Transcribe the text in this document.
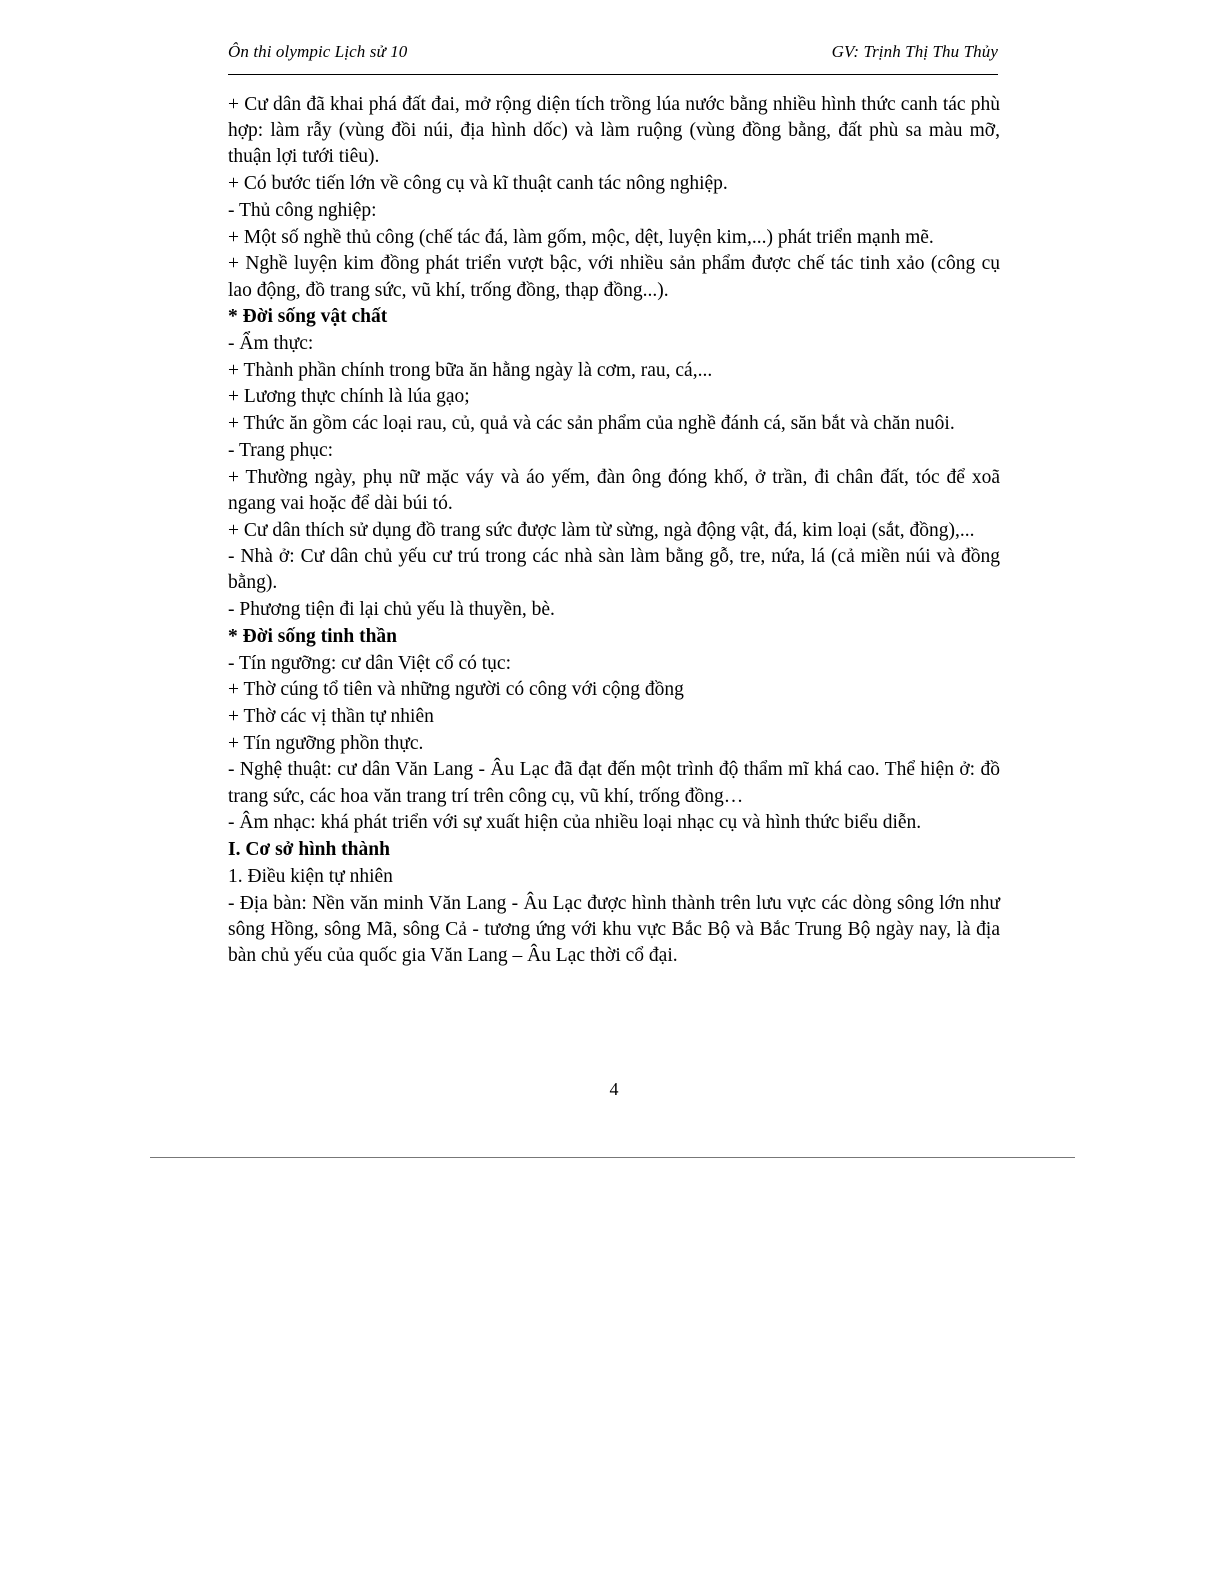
Ôn thi olympic Lịch sử 10	GV: Trịnh Thị Thu Thủy

+ Cư dân đã khai phá đất đai, mở rộng diện tích trồng lúa nước bằng nhiều hình thức canh tác phù hợp: làm rẫy (vùng đồi núi, địa hình dốc) và làm ruộng (vùng đồng bằng, đất phù sa màu mỡ, thuận lợi tưới tiêu).

+ Có bước tiến lớn về công cụ và kĩ thuật canh tác nông nghiệp.

- Thủ công nghiệp:

+ Một số nghề thủ công (chế tác đá, làm gốm, mộc, dệt, luyện kim,...) phát triển mạnh mẽ.

+ Nghề luyện kim đồng phát triển vượt bậc, với nhiều sản phẩm được chế tác tinh xảo (công cụ lao động, đồ trang sức, vũ khí, trống đồng, thạp đồng...).

* Đời sống vật chất

- Ẩm thực:

+ Thành phần chính trong bữa ăn hằng ngày là cơm, rau, cá,...

+ Lương thực chính là lúa gạo;

+ Thức ăn gồm các loại rau, củ, quả và các sản phẩm của nghề đánh cá, săn bắt và chăn nuôi.

- Trang phục:

+ Thường ngày, phụ nữ mặc váy và áo yếm, đàn ông đóng khố, ở trần, đi chân đất, tóc để xoã ngang vai hoặc để dài búi tó.

+ Cư dân thích sử dụng đồ trang sức được làm từ sừng, ngà động vật, đá, kim loại (sắt, đồng),...

- Nhà ở: Cư dân chủ yếu cư trú trong các nhà sàn làm bằng gỗ, tre, nứa, lá (cả miền núi và đồng bằng).

- Phương tiện đi lại chủ yếu là thuyền, bè.

* Đời sống tinh thần

- Tín ngưỡng: cư dân Việt cổ có tục:

+ Thờ cúng tổ tiên và những người có công với cộng đồng

+ Thờ các vị thần tự nhiên

+ Tín ngưỡng phồn thực.

- Nghệ thuật: cư dân Văn Lang - Âu Lạc đã đạt đến một trình độ thẩm mĩ khá cao. Thể hiện ở: đồ trang sức, các hoa văn trang trí trên công cụ, vũ khí, trống đồng…

- Âm nhạc: khá phát triển với sự xuất hiện của nhiều loại nhạc cụ và hình thức biểu diễn.

I. Cơ sở hình thành

1. Điều kiện tự nhiên

- Địa bàn: Nền văn minh Văn Lang - Âu Lạc được hình thành trên lưu vực các dòng sông lớn như sông Hồng, sông Mã, sông Cả - tương ứng với khu vực Bắc Bộ và Bắc Trung Bộ ngày nay, là địa bàn chủ yếu của quốc gia Văn Lang – Âu Lạc thời cổ đại.

4
